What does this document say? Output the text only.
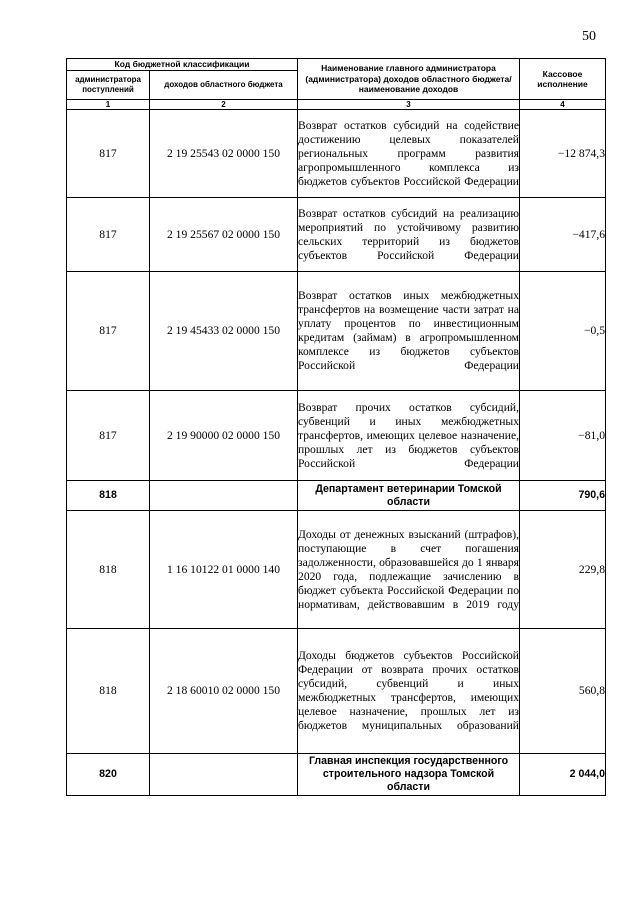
50
Код бюджетной классификации		Наименование главного администратора (администратора) доходов областного бюджета/ наименование доходов	Кассовое исполнение
администратора поступлений	доходов областного бюджета		
1	2	3	4
817	2 19 25543 02 0000 150	Возврат остатков субсидий на содействие достижению целевых показателей региональных программ развития агропромышленного комплекса из бюджетов субъектов Российской Федерации	−12 874,3
817	2 19 25567 02 0000 150	Возврат остатков субсидий на реализацию мероприятий по устойчивому развитию сельских территорий из бюджетов субъектов Российской Федерации	−417,6
817	2 19 45433 02 0000 150	Возврат остатков иных межбюджетных трансфертов на возмещение части затрат на уплату процентов по инвестиционным кредитам (займам) в агропромышленном комплексе из бюджетов субъектов Российской Федерации	−0,5
817	2 19 90000 02 0000 150	Возврат прочих остатков субсидий, субвенций и иных межбюджетных трансфертов, имеющих целевое назначение, прошлых лет из бюджетов субъектов Российской Федерации	−81,0
818		Департамент ветеринарии Томской области	790,6
818	1 16 10122 01 0000 140	Доходы от денежных взысканий (штрафов), поступающие в счет погашения задолженности, образовавшейся до 1 января 2020 года, подлежащие зачислению в бюджет субъекта Российской Федерации по нормативам, действовавшим в 2019 году	229,8
818	2 18 60010 02 0000 150	Доходы бюджетов субъектов Российской Федерации от возврата прочих остатков субсидий, субвенций и иных межбюджетных трансфертов, имеющих целевое назначение, прошлых лет из бюджетов муниципальных образований	560,8
820		Главная инспекция государственного строительного надзора Томской области	2 044,0
